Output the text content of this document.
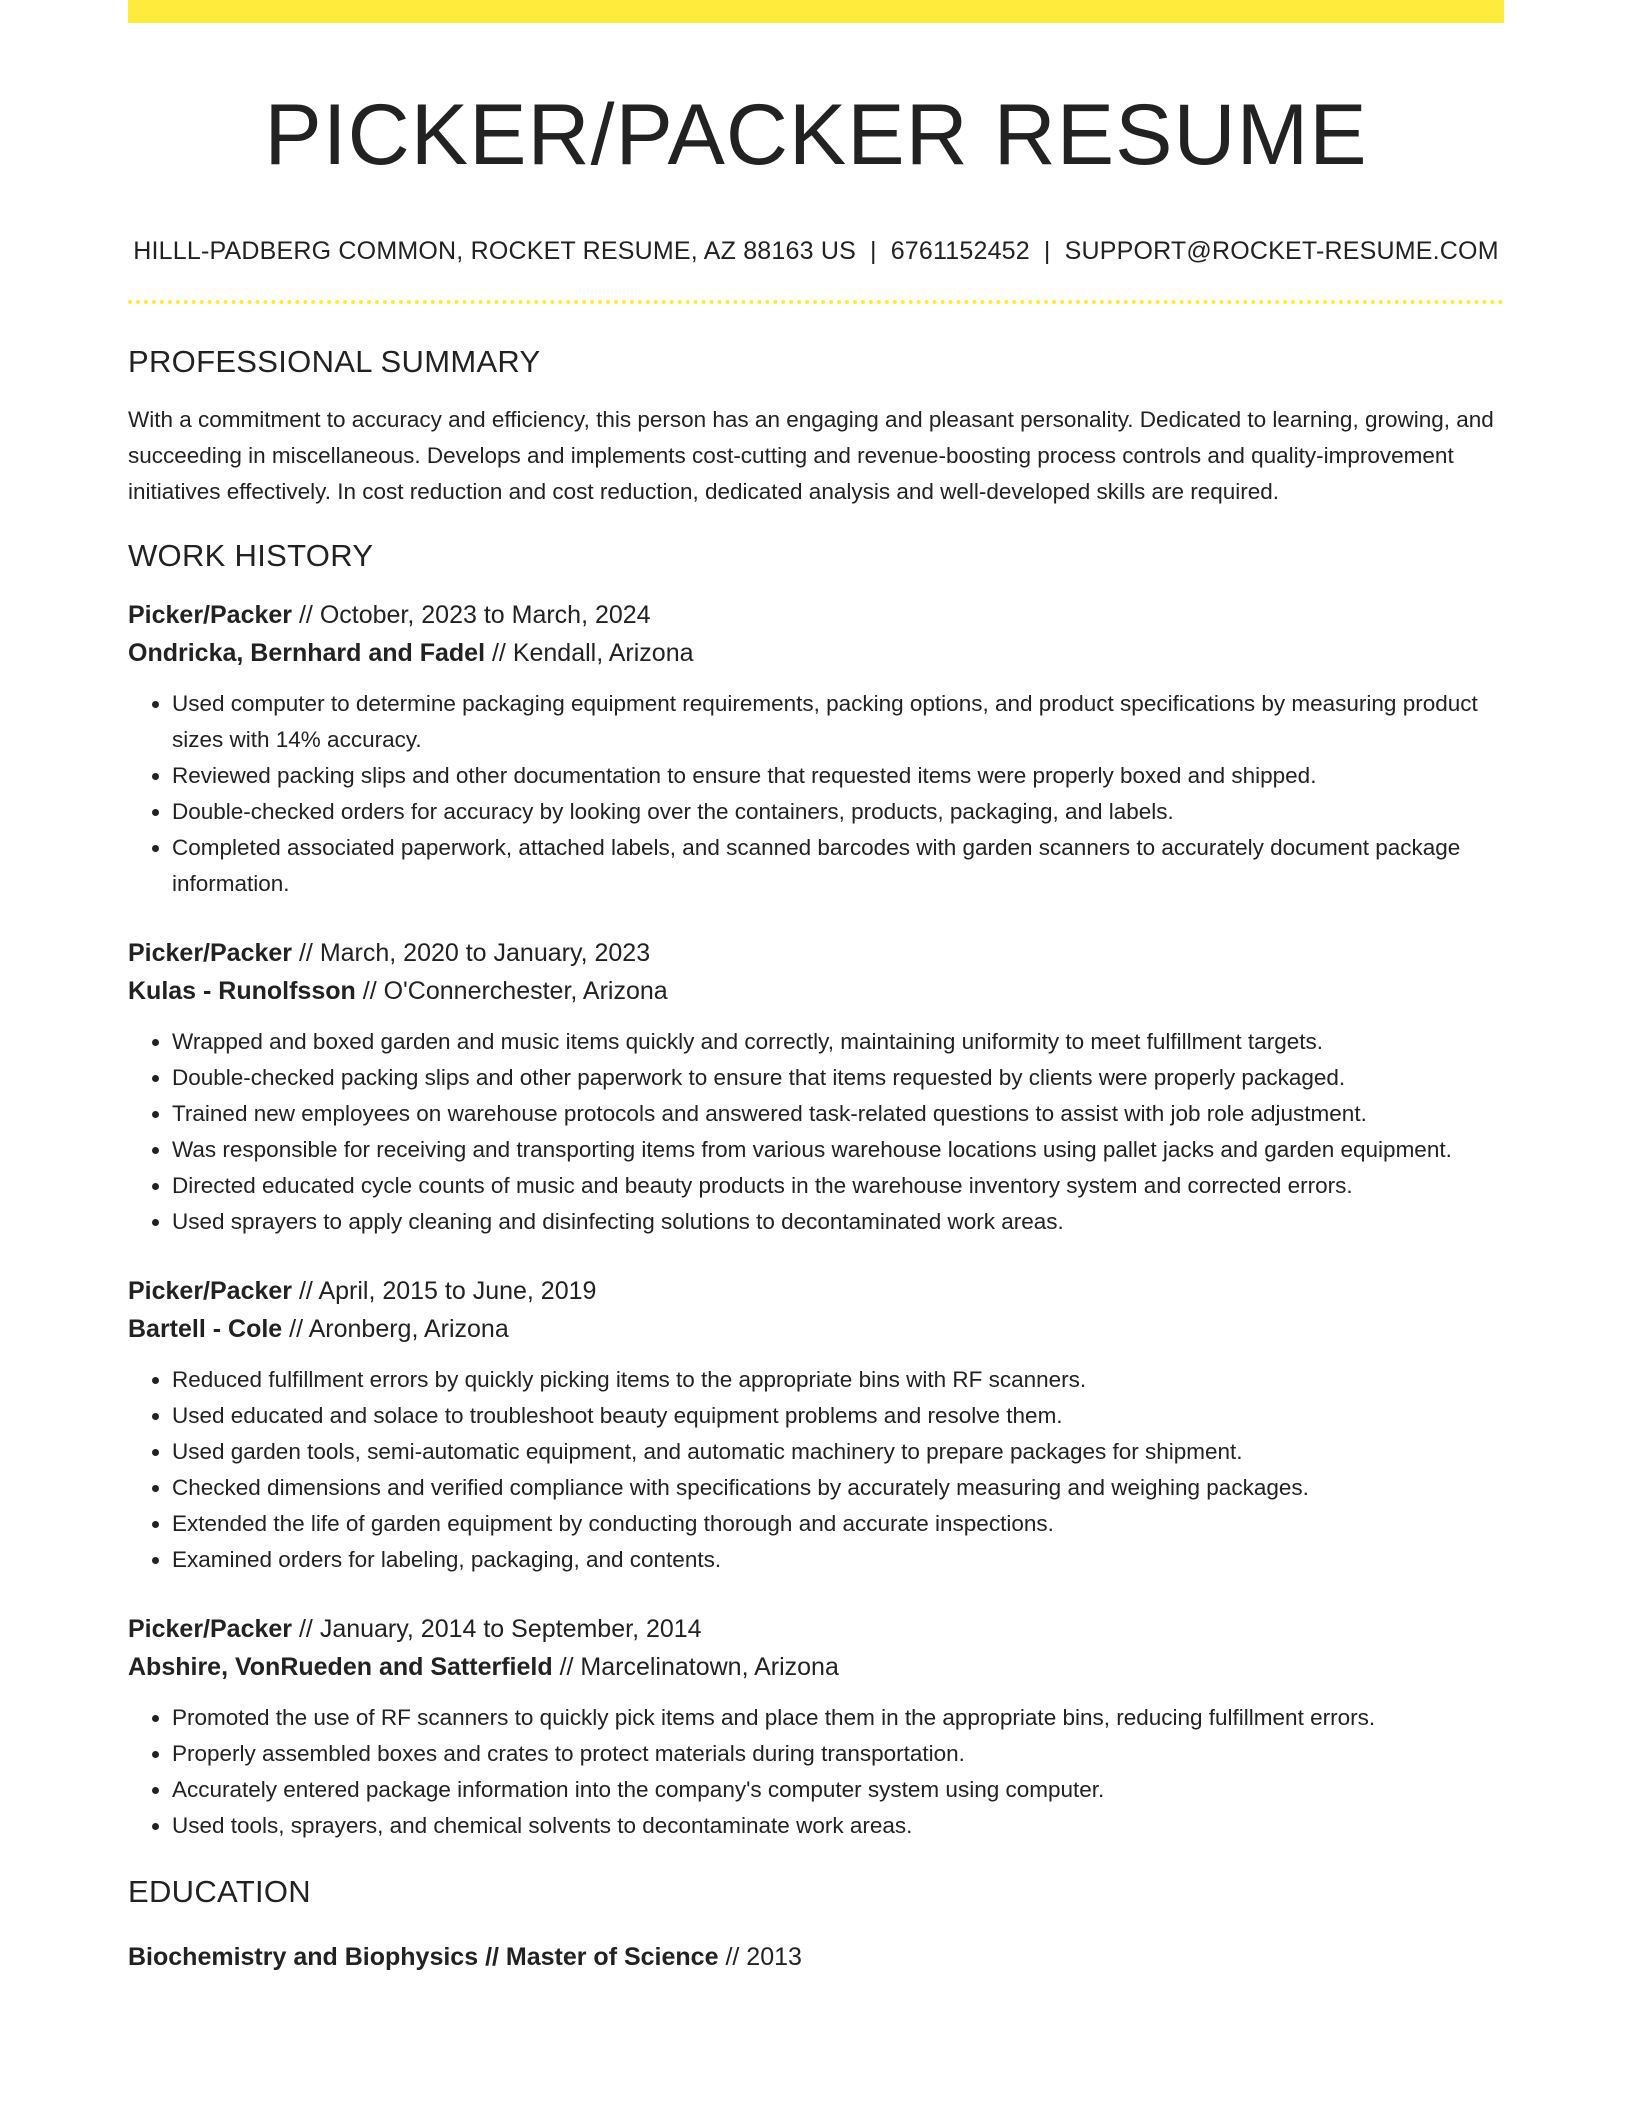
PICKER/PACKER RESUME
HILLL-PADBERG COMMON, ROCKET RESUME, AZ 88163 US | 6761152452 | SUPPORT@ROCKET-RESUME.COM
PROFESSIONAL SUMMARY
With a commitment to accuracy and efficiency, this person has an engaging and pleasant personality. Dedicated to learning, growing, and succeeding in miscellaneous. Develops and implements cost-cutting and revenue-boosting process controls and quality-improvement initiatives effectively. In cost reduction and cost reduction, dedicated analysis and well-developed skills are required.
WORK HISTORY
Picker/Packer // October, 2023 to March, 2024
Ondricka, Bernhard and Fadel // Kendall, Arizona
• Used computer to determine packaging equipment requirements, packing options, and product specifications by measuring product sizes with 14% accuracy.
• Reviewed packing slips and other documentation to ensure that requested items were properly boxed and shipped.
• Double-checked orders for accuracy by looking over the containers, products, packaging, and labels.
• Completed associated paperwork, attached labels, and scanned barcodes with garden scanners to accurately document package information.
Picker/Packer // March, 2020 to January, 2023
Kulas - Runolfsson // O'Connerchester, Arizona
• Wrapped and boxed garden and music items quickly and correctly, maintaining uniformity to meet fulfillment targets.
• Double-checked packing slips and other paperwork to ensure that items requested by clients were properly packaged.
• Trained new employees on warehouse protocols and answered task-related questions to assist with job role adjustment.
• Was responsible for receiving and transporting items from various warehouse locations using pallet jacks and garden equipment.
• Directed educated cycle counts of music and beauty products in the warehouse inventory system and corrected errors.
• Used sprayers to apply cleaning and disinfecting solutions to decontaminated work areas.
Picker/Packer // April, 2015 to June, 2019
Bartell - Cole // Aronberg, Arizona
• Reduced fulfillment errors by quickly picking items to the appropriate bins with RF scanners.
• Used educated and solace to troubleshoot beauty equipment problems and resolve them.
• Used garden tools, semi-automatic equipment, and automatic machinery to prepare packages for shipment.
• Checked dimensions and verified compliance with specifications by accurately measuring and weighing packages.
• Extended the life of garden equipment by conducting thorough and accurate inspections.
• Examined orders for labeling, packaging, and contents.
Picker/Packer // January, 2014 to September, 2014
Abshire, VonRueden and Satterfield // Marcelinatown, Arizona
• Promoted the use of RF scanners to quickly pick items and place them in the appropriate bins, reducing fulfillment errors.
• Properly assembled boxes and crates to protect materials during transportation.
• Accurately entered package information into the company's computer system using computer.
• Used tools, sprayers, and chemical solvents to decontaminate work areas.
EDUCATION
Biochemistry and Biophysics // Master of Science // 2013
